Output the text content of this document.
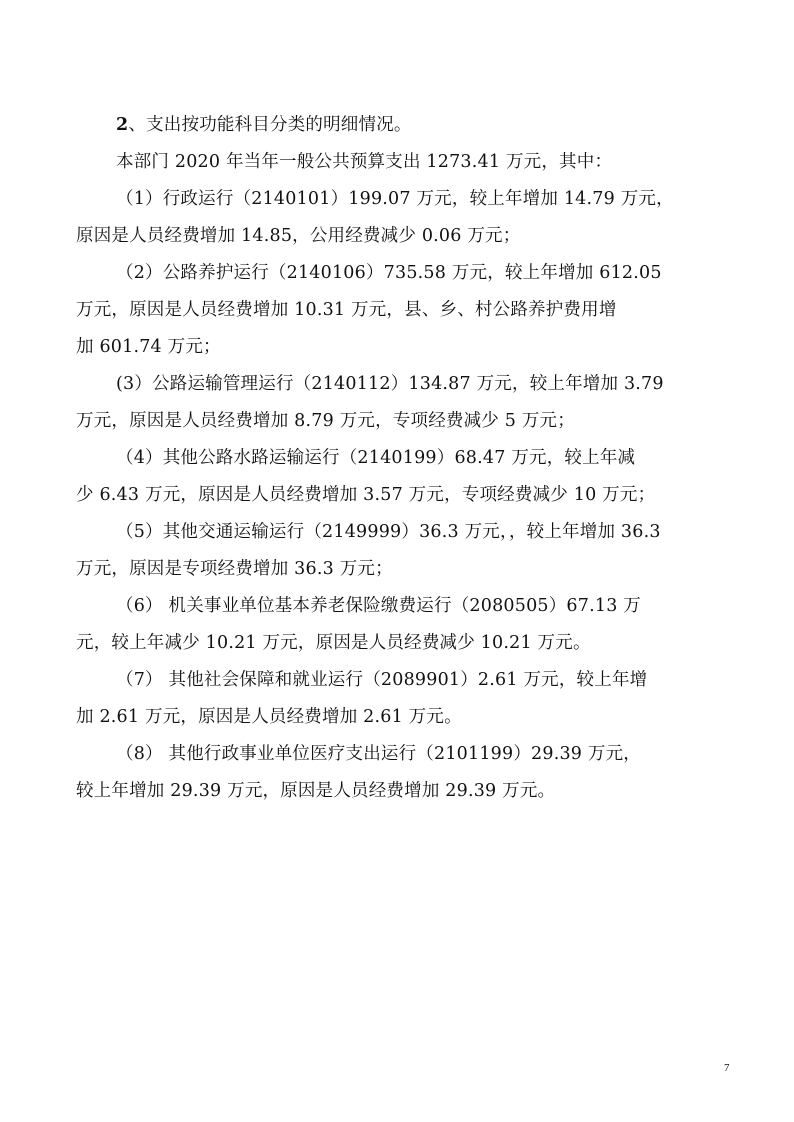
2、支出按功能科目分类的明细情况。
本部门 2020 年当年一般公共预算支出 1273.41 万元，其中：
（1）行政运行（2140101）199.07 万元，较上年增加 14.79 万元，
原因是人员经费增加 14.85，公用经费减少 0.06 万元；
（2）公路养护运行（2140106）735.58 万元，较上年增加 612.05
万元，原因是人员经费增加 10.31 万元，县、乡、村公路养护费用增
加 601.74 万元；
(3）公路运输管理运行（2140112）134.87 万元，较上年增加 3.79
万元，原因是人员经费增加 8.79 万元，专项经费减少 5 万元；
（4）其他公路水路运输运行（2140199）68.47 万元，较上年减
少 6.43 万元，原因是人员经费增加 3.57 万元，专项经费减少 10 万元；
（5）其他交通运输运行（2149999）36.3 万元，，较上年增加 36.3
万元，原因是专项经费增加 36.3 万元；
（6） 机关事业单位基本养老保险缴费运行（2080505）67.13 万
元，较上年减少 10.21 万元，原因是人员经费减少 10.21 万元。
（7） 其他社会保障和就业运行（2089901）2.61 万元，较上年增
加 2.61 万元，原因是人员经费增加 2.61 万元。
（8） 其他行政事业单位医疗支出运行（2101199）29.39 万元，
较上年增加 29.39 万元，原因是人员经费增加 29.39 万元。
7
